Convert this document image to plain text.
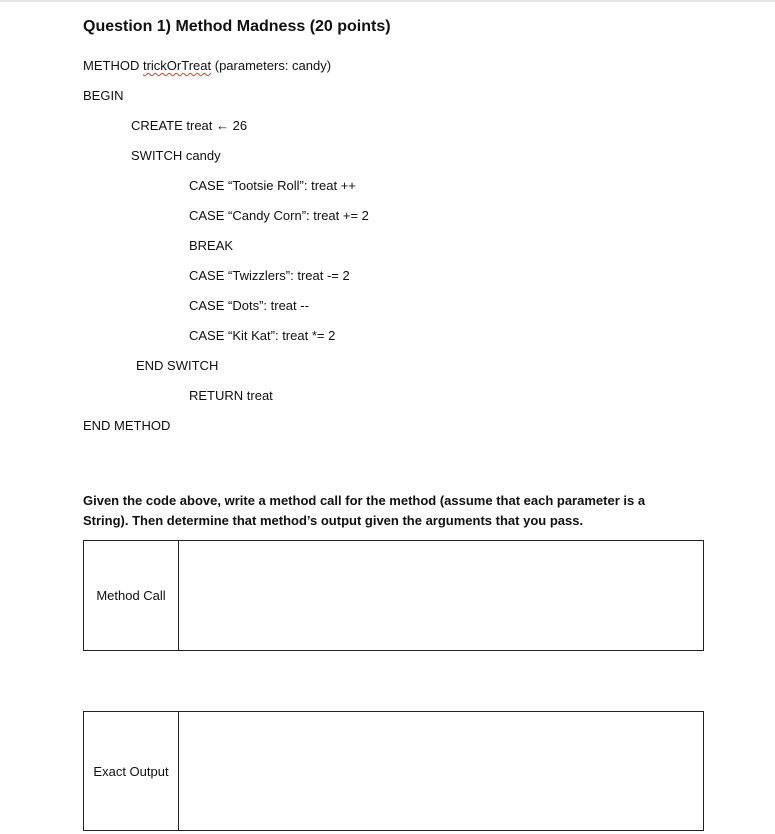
Question 1) Method Madness (20 points)
METHOD trickOrTreat (parameters: candy)
BEGIN
CREATE treat ← 26
SWITCH candy
CASE “Tootsie Roll”: treat ++
CASE “Candy Corn”: treat += 2
BREAK
CASE “Twizzlers”: treat -= 2
CASE “Dots”: treat --
CASE “Kit Kat”: treat *= 2
END SWITCH
RETURN treat
END METHOD
Given the code above, write a method call for the method (assume that each parameter is a String). Then determine that method’s output given the arguments that you pass.
Method Call
Exact Output
